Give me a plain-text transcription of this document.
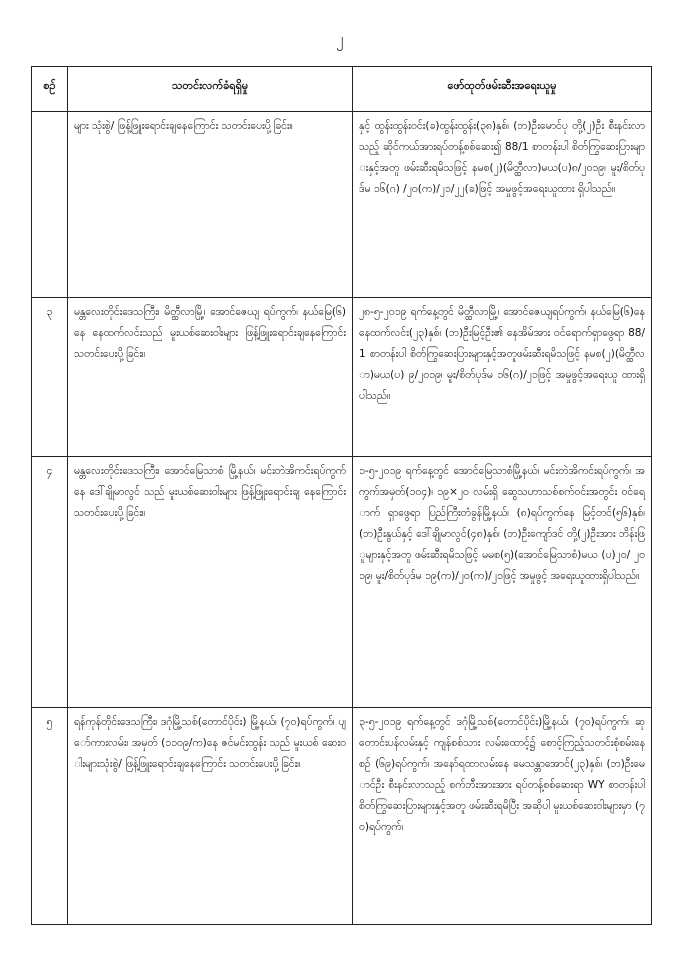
၂
စဉ်	သတင်းလက်ခံရရှိမှု	ဖော်ထုတ်ဖမ်းဆီးအရေးယူမှု
	များ သုံးစွဲ/ ဖြန့်ဖြူးရောင်းချနေကြောင်း သတင်းပေးပို့ခြင်း။	နှင့် ထွန်းထွန်းဝင်း(ခ)ထွန်းထွန်း(၃၈)နှစ်၊ (ဘ)ဦးမောင်ပု တို့(၂)ဦး စီးနင်းလာသည့် ဆိုင်ကယ်အားရပ်တန့်စစ်ဆေး၍ 88/1 စာတန်းပါ စိတ်ကြွဆေးပြားများနှင့်အတူ ဖမ်းဆီးရမိသဖြင့် နမစ(၂)(မိတ္ထီလာ)မယ(ပ)၈/၂၀၁၉၊ မူး/စိတ်ပုဒ်မ ၁၆(ဂ) /၂၀(က)/၂၁/၂၂(ခ)ဖြင့် အမှုဖွင့်အရေးယူထား ရှိပါသည်။
၃	မန္တလေးတိုင်းဒေသကြီး၊ မိတ္ထီလာမြို့၊ အောင်ဇေယျ ရပ်ကွက်၊ နယ်မြေ(၆)နေ နေထက်လင်းသည် မူးယစ်ဆေးဝါးများ ဖြန့်ဖြူးရောင်းချနေကြောင်း သတင်းပေးပို့ခြင်း။	၂၈-၅-၂၀၁၉ ရက်နေ့တွင် မိတ္ထီလာမြို့၊ အောင်ဇေယျရပ်ကွက်၊ နယ်မြေ(၆)နေ နေထက်လင်း(၂၃)နှစ်၊ (ဘ)ဦးမြင့်ဦး၏ နေအိမ်အား ဝင်ရောက်ရှာဖွေရာ 88/1 စာတန်းပါ စိတ်ကြွဆေးပြားများနှင့်အတူဖမ်းဆီးရမိသဖြင့် နမစ(၂)(မိတ္ထီလာ)မယ(ပ) ၉/၂၀၁၉၊ မူး/စိတ်ပုဒ်မ ၁၆(ဂ)/၂၁ဖြင့် အမှုဖွင့်အရေးယူ ထားရှိပါသည်။
၄	မန္တလေးတိုင်းဒေသကြီး၊ အောင်မြေသာစံ မြို့နယ်၊ မင်းတဲအိကင်းရပ်ကွက်နေ ဒေါ်ချိုမာလွင် သည် မူးယစ်ဆေးဝါးများ ဖြန့်ဖြူးရောင်းချ နေကြောင်း သတင်းပေးပို့ခြင်း။	၁-၅-၂၀၁၉ ရက်နေ့တွင် အောင်မြေသာစံမြို့နယ်၊ မင်းတဲအိကင်းရပ်ကွက်၊ အကွက်အမှတ်(၁၀၄)၊ ၁၉×၂၀ လမ်းရှိ ဆွေသဟာသစ်စက်ဝင်းအတွင်း ဝင်ရောက် ရှာဖွေရာ ပြည်ကြီးတံခွန်မြို့နယ်၊ (၈)ရပ်ကွက်နေ မြင့်တင်(၅၆)နှစ်၊ (ဘ)ဦးနွယ်နှင့် ဒေါ်ချိုမာလွင်(၄၈)နှစ်၊ (ဘ)ဦးကျော်ဒင် တို့(၂)ဦးအား ဘိန်းဖြူများနှင့်အတူ ဖမ်းဆီးရမိသဖြင့် မမစ(၅)(အောင်မြေသာစံ)မယ (ပ)၂၀/ ၂၀၁၉၊ မူး/စိတ်ပုဒ်မ ၁၉(က)/၂၀(က)/၂၁ဖြင့် အမှုဖွင့် အရေးယူထားရှိပါသည်။
၅	ရန်ကုန်တိုင်းဒေသကြီး၊ ဒဂုံမြို့သစ်(တောင်ပိုင်း) မြို့နယ်၊ (၇၀)ရပ်ကွက်၊ ပျော်ကားလမ်း၊ အမှတ် (၁၁၀၉/က)နေ ဇင်မင်းထွန်း သည် မူးယစ် ဆေးဝါးများသုံးစွဲ/ ဖြန့်ဖြူးရောင်းချနေကြောင်း သတင်းပေးပို့ခြင်း။	၃-၅-၂၀၁၉ ရက်နေ့တွင် ဒဂုံမြို့သစ်(တောင်ပိုင်း)မြို့နယ်၊ (၇၀)ရပ်ကွက်၊ ဆုတောင်းပန်လမ်းနှင့် ကျန်စစ်သား လမ်းထောင့်၌ စောင့်ကြည့်သတင်းစုံစမ်းနေစဉ် (၆၉)ရပ်ကွက်၊ အနော်ရထာလမ်းနေ မေသန္တာအောင်(၂၃)နှစ်၊ (ဘ)ဦးမောင်ဦး စီးနင်းလာသည့် စက်ဘီးအားအား ရပ်တန့်စစ်ဆေးရာ WY စာတန်းပါ စိတ်ကြွဆေးပြားများနှင့်အတူ ဖမ်းဆီးရမိပြီး အဆိုပါ မူးယစ်ဆေးဝါးများမှာ (၇၀)ရပ်ကွက်၊
